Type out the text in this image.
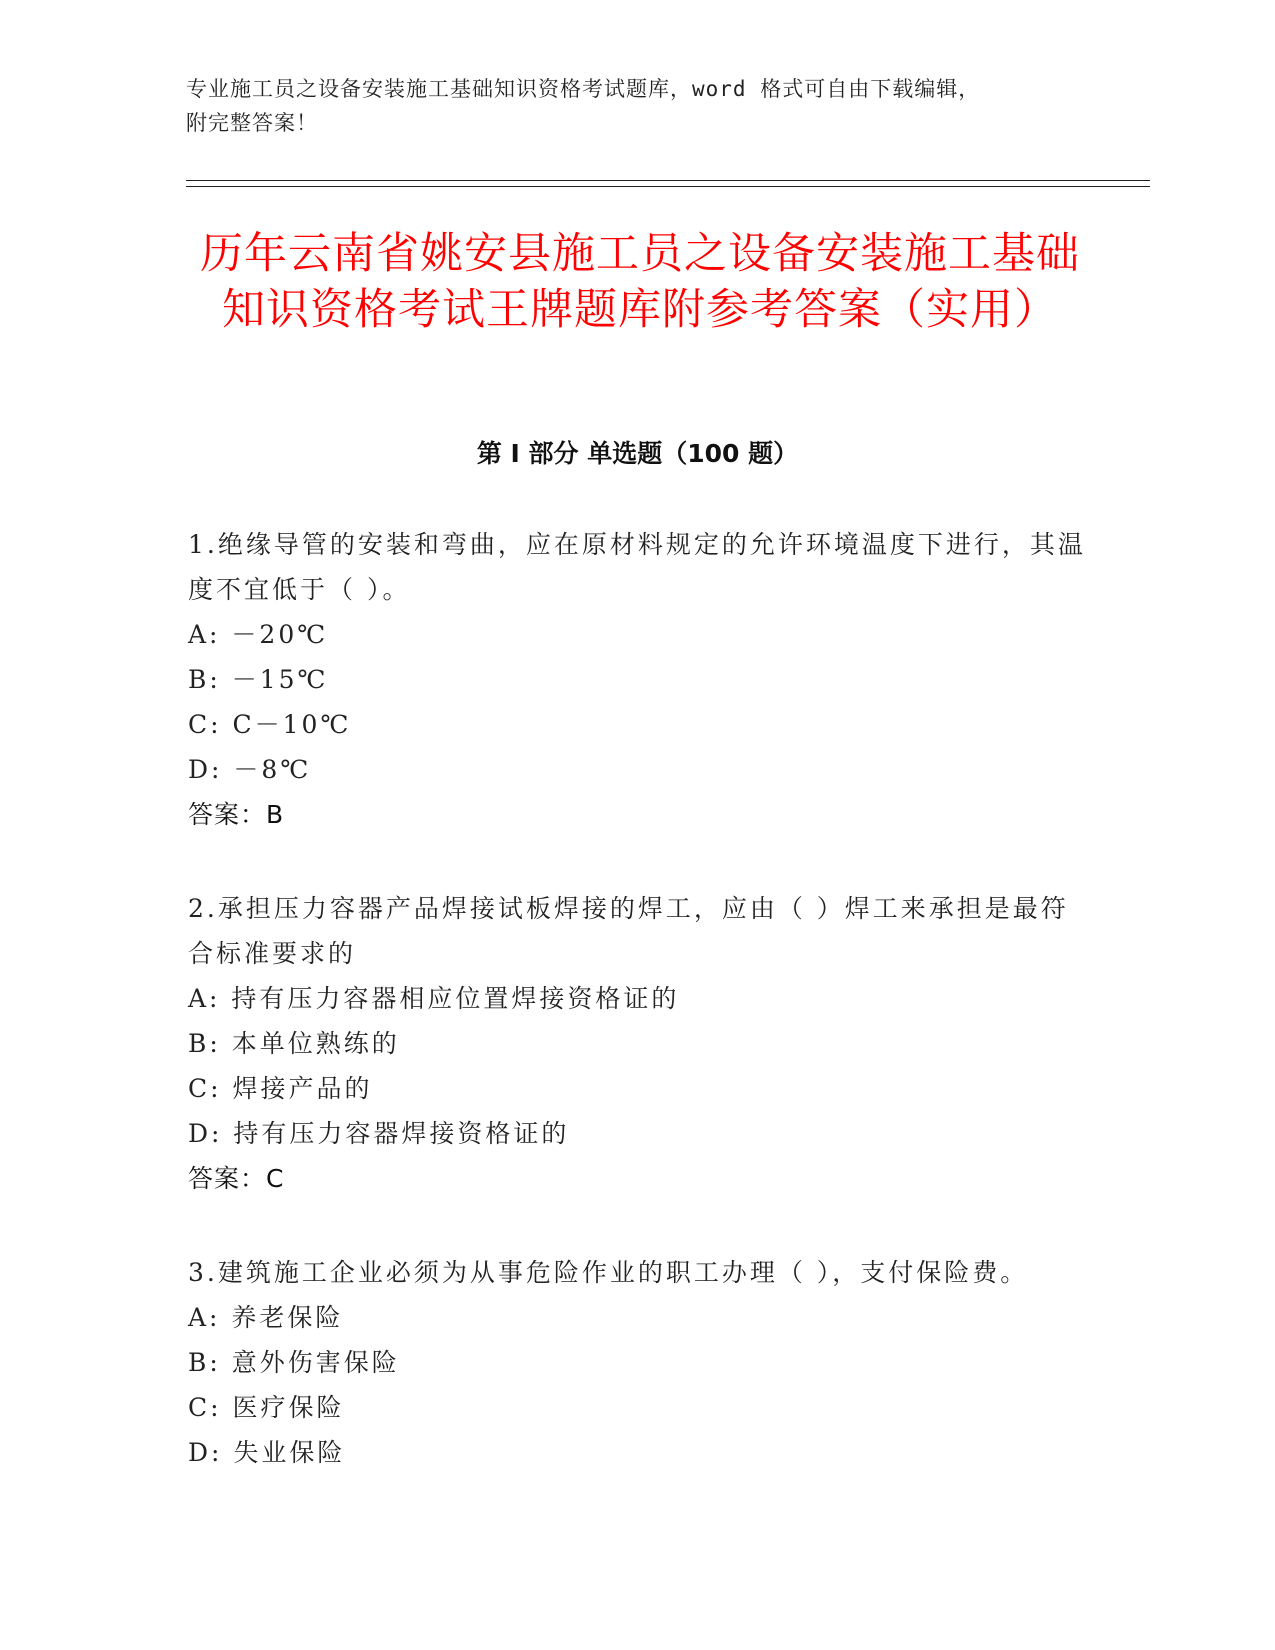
专业施工员之设备安装施工基础知识资格考试题库，word 格式可自由下载编辑，
附完整答案！
历年云南省姚安县施工员之设备安装施工基础知识资格考试王牌题库附参考答案（实用）
第 I 部分 单选题（100 题）

1.绝缘导管的安装和弯曲，应在原材料规定的允许环境温度下进行，其温度不宜低于（ ）。

A: －20℃

B: －15℃

C: C－10℃

D: －8℃

答案：B

2.承担压力容器产品焊接试板焊接的焊工，应由（ ）焊工来承担是最符合标准要求的

A: 持有压力容器相应位置焊接资格证的

B: 本单位熟练的

C: 焊接产品的

D: 持有压力容器焊接资格证的

答案：C

3.建筑施工企业必须为从事危险作业的职工办理（ ），支付保险费。

A: 养老保险

B: 意外伤害保险

C: 医疗保险

D: 失业保险
